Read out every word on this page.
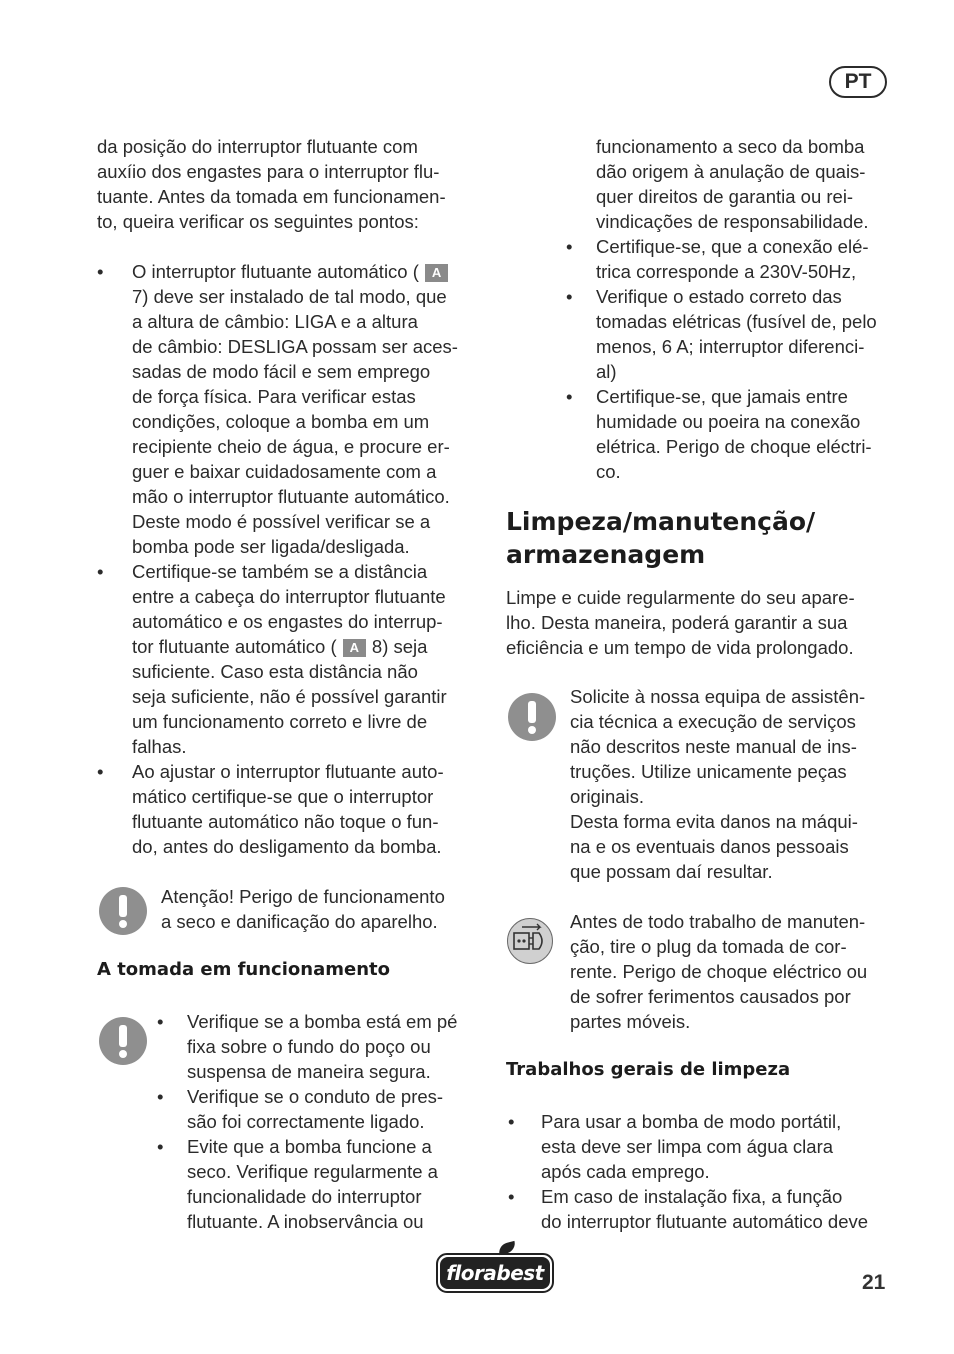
PT

da posição do interruptor flutuante com

auxíio dos engastes para o interruptor flu-

tuante. Antes da tomada em funcionamen-

to, queira verificar os seguintes pontos:

• O interruptor flutuante automático ( A
7) deve ser instalado de tal modo, que
a altura de câmbio: LIGA e a altura
de câmbio: DESLIGA possam ser aces-
sadas de modo fácil e sem emprego
de força física. Para verificar estas
condições, coloque a bomba em um
recipiente cheio de água, e procure er-
guer e baixar cuidadosamente com a
mão o interruptor flutuante automático.
Deste modo é possível verificar se a
bomba pode ser ligada/desligada.
• Certifique-se também se a distância
entre a cabeça do interruptor flutuante
automático e os engastes do interrup-
tor flutuante automático ( A 8) seja
suficiente. Caso esta distância não
seja suficiente, não é possível garantir
um funcionamento correto e livre de
falhas.
• Ao ajustar o interruptor flutuante auto-
mático certifique-se que o interruptor
flutuante automático não toque o fun-
do, antes do desligamento da bomba.
Atenção! Perigo de funcionamento
a seco e danificação do aparelho.
A tomada em funcionamento
• Verifique se a bomba está em pé
fixa sobre o fundo do poço ou
suspensa de maneira segura.
• Verifique se o conduto de pres-
são foi correctamente ligado.
• Evite que a bomba funcione a
seco. Verifique regularmente a
funcionalidade do interruptor
flutuante. A inobservância ou
funcionamento a seco da bomba
dão origem à anulação de quais-
quer direitos de garantia ou rei-
vindicações de responsabilidade.
• Certifique-se, que a conexão elé-
trica corresponde a 230V-50Hz,
• Verifique o estado correto das
tomadas elétricas (fusível de, pelo
menos, 6 A; interruptor diferenci-
al)
• Certifique-se, que jamais entre
humidade ou poeira na conexão
elétrica. Perigo de choque eléctri-
co.
Limpeza/manutenção/
armazenagem
Limpe e cuide regularmente do seu apare-
lho. Desta maneira, poderá garantir a sua
eficiência e um tempo de vida prolongado.
Solicite à nossa equipa de assistên-
cia técnica a execução de serviços
não descritos neste manual de ins-
truções. Utilize unicamente peças
originais.
Desta forma evita danos na máqui-
na e os eventuais danos pessoais
que possam daí resultar.
Antes de todo trabalho de manuten-
ção, tire o plug da tomada de cor-
rente. Perigo de choque eléctrico ou
de sofrer ferimentos causados por
partes móveis.
Trabalhos gerais de limpeza
• Para usar a bomba de modo portátil,
esta deve ser limpa com água clara
após cada emprego.
• Em caso de instalação fixa, a função
do interruptor flutuante automático deve
florabest	21
